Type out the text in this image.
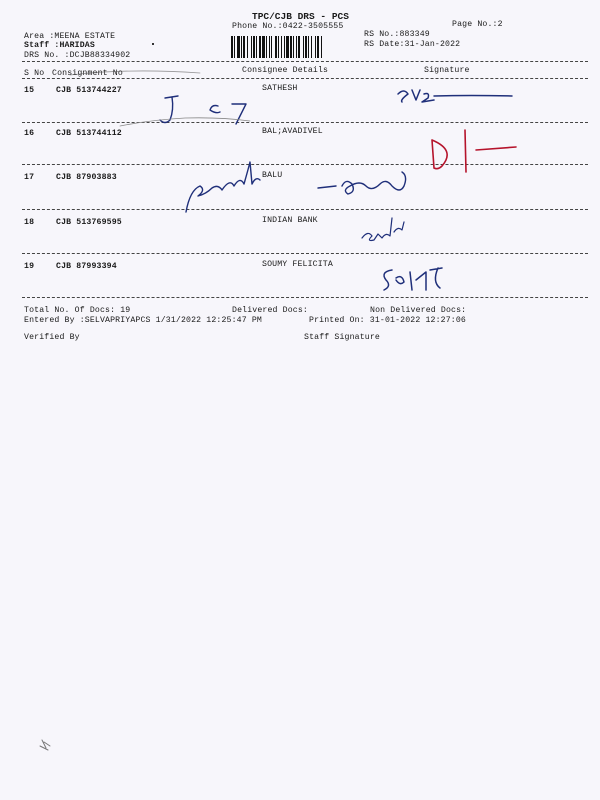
TPC/CJB DRS - PCS
Phone No.:0422-3505555	Page No.:2
Area :MEENA ESTATE
Staff :HARIDAS
DRS No. :DCJB88334902
RS No.:883349
RS Date:31-Jan-2022
S No Consignment No	Consignee Details	Signature
15	CJB 513744227	SATHESH
16	CJB 513744112	BAL;AVADIVEL
17	CJB 87903883	BALU
18	CJB 513769595	INDIAN BANK
19	CJB 87993394	SOUMY FELICITA
Total No. Of Docs: 19	Delivered Docs:	Non Delivered Docs:
Entered By :SELVAPRIYAPCS 1/31/2022 12:25:47 PM	Printed On: 31-01-2022 12:27:06
Verified By	Staff Signature
